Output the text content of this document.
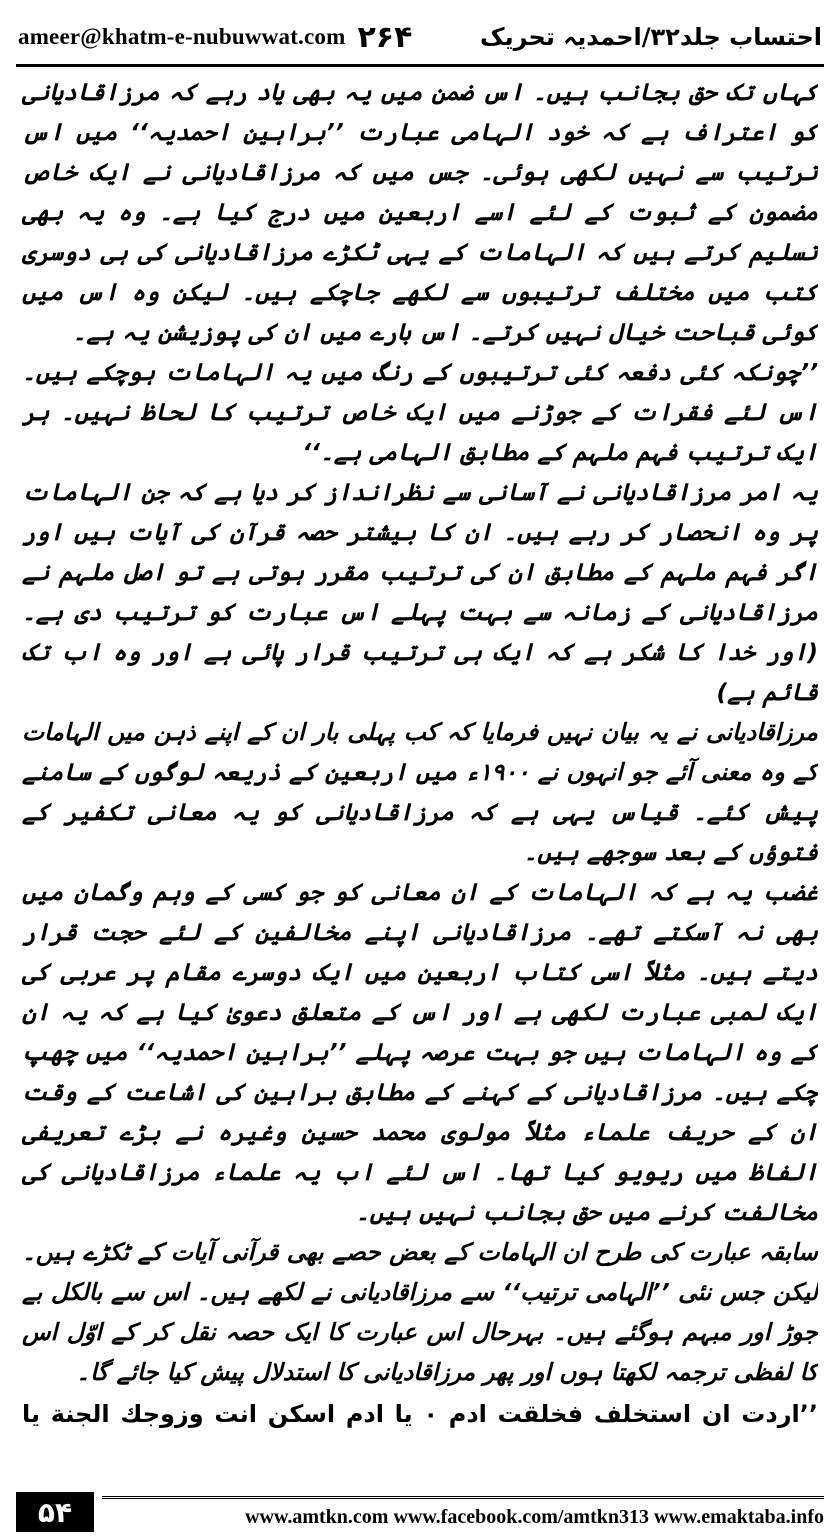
ameer@khatm-e-nubuwwat.com ۲۶۴	احتساب جلد۳۲/احمدیہ تحریک

کہاں تک حق بجانب ہیں۔ اس ضمن میں یہ بھی یاد رہے کہ مرزاقادیانی کو اعتراف ہے کہ خود الہامی عبارت ’’براہین احمدیہ‘‘ میں اس ترتیب سے نہیں لکھی ہوئی۔ جس میں کہ مرزاقادیانی نے ایک خاص مضمون کے ثبوت کے لئے اسے اربعین میں درج کیا ہے۔ وہ یہ بھی تسلیم کرتے ہیں کہ الہامات کے یہی ٹکڑے مرزاقادیانی کی ہی دوسری کتب میں مختلف ترتیبوں سے لکھے جاچکے ہیں۔ لیکن وہ اس میں کوئی قباحت خیال نہیں کرتے۔ اس بارے میں ان کی پوزیشن یہ ہے۔

’’چونکہ کئی دفعہ کئی ترتیبوں کے رنگ میں یہ الہامات ہوچکے ہیں۔ اس لئے فقرات کے جوڑنے میں ایک خاص ترتیب کا لحاظ نہیں۔ ہر ایک ترتیب فہم ملہم کے مطابق الہامی ہے۔‘‘

یہ امر مرزاقادیانی نے آسانی سے نظرانداز کر دیا ہے کہ جن الہامات پر وہ انحصار کر رہے ہیں۔ ان کا بیشتر حصہ قرآن کی آیات ہیں اور اگر فہم ملہم کے مطابق ان کی ترتیب مقرر ہوتی ہے تو اصل ملہم نے مرزاقادیانی کے زمانہ سے بہت پہلے اس عبارت کو ترتیب دی ہے۔ (اور خدا کا شکر ہے کہ ایک ہی ترتیب قرار پائی ہے اور وہ اب تک قائم ہے)

مرزاقادیانی نے یہ بیان نہیں فرمایا کہ کب پہلی بار ان کے اپنے ذہن میں الہامات کے وہ معنی آئے جو انہوں نے ۱۹۰۰ء میں اربعین کے ذریعہ لوگوں کے سامنے پیش کئے۔ قیاس یہی ہے کہ مرزاقادیانی کو یہ معانی تکفیر کے فتوؤں کے بعد سوجھے ہیں۔

غضب یہ ہے کہ الہامات کے ان معانی کو جو کسی کے وہم وگمان میں بھی نہ آسکتے تھے۔ مرزاقادیانی اپنے مخالفین کے لئے حجت قرار دیتے ہیں۔ مثلاً اسی کتاب اربعین میں ایک دوسرے مقام پر عربی کی ایک لمبی عبارت لکھی ہے اور اس کے متعلق دعویٰ کیا ہے کہ یہ ان کے وہ الہامات ہیں جو بہت عرصہ پہلے ’’براہین احمدیہ‘‘ میں چھپ چکے ہیں۔ مرزاقادیانی کے کہنے کے مطابق براہین کی اشاعت کے وقت ان کے حریف علماء مثلاً مولوی محمد حسین وغیرہ نے بڑے تعریفی الفاظ میں ریویو کیا تھا۔ اس لئے اب یہ علماء مرزاقادیانی کی مخالفت کرنے میں حق بجانب نہیں ہیں۔

سابقہ عبارت کی طرح ان الہامات کے بعض حصے بھی قرآنی آیات کے ٹکڑے ہیں۔ لیکن جس نئی ’’الہامی ترتیب‘‘ سے مرزاقادیانی نے لکھے ہیں۔ اس سے بالکل بے جوڑ اور مبہم ہوگئے ہیں۔ بہرحال اس عبارت کا ایک حصہ نقل کر کے اوّل اس کا لفظی ترجمہ لکھتا ہوں اور پھر مرزاقادیانی کا استدلال پیش کیا جائے گا۔

’’اردت ان استخلف فخلقت ادم ٠ یا ادم اسكن انت وزوجك الجنة یا

۵۴	www.amtkn.com www.facebook.com/amtkn313 www.emaktaba.info
